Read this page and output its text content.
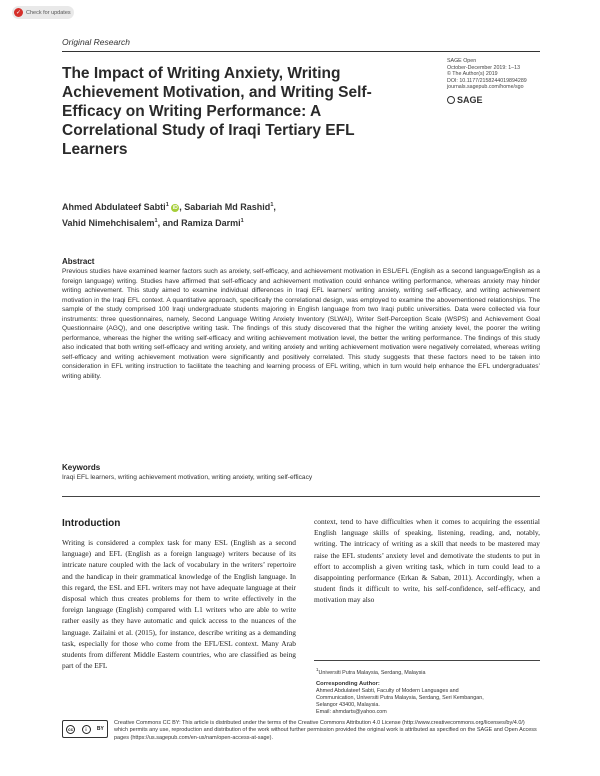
✓ Check for updates
Original Research
The Impact of Writing Anxiety, Writing Achievement Motivation, and Writing Self-Efficacy on Writing Performance: A Correlational Study of Iraqi Tertiary EFL Learners
SAGE Open
October-December 2019: 1–13
© The Author(s) 2019
DOI: 10.1177/2158244019894289
journals.sagepub.com/home/sgo
SAGE
Ahmed Abdulateef Sabti$^1$ iD , Sabariah Md Rashid$^1$,
Vahid Nimehchisalem$^1$, and Ramiza Darmi$^1$
Abstract

Previous studies have examined learner factors such as anxiety, self-efficacy, and achievement motivation in ESL/EFL (English as a second language/English as a foreign language) writing. Studies have affirmed that self-efficacy and achievement motivation could enhance writing performance, whereas anxiety may hinder writing achievement. This study aimed to examine individual differences in Iraqi EFL learners’ writing anxiety, writing self-efficacy, and writing achievement motivation in the Iraqi EFL context. A quantitative approach, specifically the correlational design, was employed to examine the abovementioned relationships. The sample of the study comprised 100 Iraqi undergraduate students majoring in English language from two Iraqi public universities. Data were collected via four instruments: three questionnaires, namely, Second Language Writing Anxiety Inventory (SLWAI), Writer Self-Perception Scale (WSPS) and Achievement Goal Questionnaire (AGQ), and one descriptive writing task. The findings of this study discovered that the higher the writing anxiety level, the poorer the writing performance, whereas the higher the writing self-efficacy and writing achievement motivation level, the better the writing performance. The findings of this study also indicated that both writing self-efficacy and writing anxiety, and writing anxiety and writing achievement motivation were negatively correlated, whereas writing self-efficacy and writing achievement motivation were significantly and positively correlated. This study suggests that these factors need to be taken into consideration in EFL writing instruction to facilitate the teaching and learning process of EFL writing, which in turn would help enhance the EFL undergraduates’ writing ability.

Keywords

Iraqi EFL learners, writing achievement motivation, writing anxiety, writing self-efficacy

Introduction

Writing is considered a complex task for many ESL (English as a second language) and EFL (English as a foreign language) writers because of its intricate nature coupled with the lack of vocabulary in the writers’ repertoire and the handicap in their grammatical knowledge of the English language. In this regard, the ESL and EFL writers may not have adequate language at their disposal which thus creates problems for them to write effectively in the foreign language (English) compared with L1 writers who are able to write rather easily as they have automatic and quick access to the nuances of the language. Zailaini et al. (2015), for instance, describe writing as a demanding task, especially for those who come from the EFL/ESL context. Many Arab students from different Middle Eastern countries, who are classified as being part of the EFL

context, tend to have difficulties when it comes to acquiring the essential English language skills of speaking, listening, reading, and, notably, writing. The intricacy of writing as a skill that needs to be mastered may raise the EFL students’ anxiety level and demotivate the students to put in effort to accomplish a given writing task, which in turn could lead to a disappointing performance (Erkan & Saban, 2011). Accordingly, when a student finds it difficult to write, his self-confidence, self-efficacy, and motivation may also

$^1$Universiti Putra Malaysia, Serdang, Malaysia
Corresponding Author:
Ahmed Abdulateef Sabti, Faculty of Modern Languages and
Communication, Universiti Putra Malaysia, Serdang, Seri Kembangan,
Selangor 43400, Malaysia.
Email: ahmdarts@yahoo.com
cc	i	BY
Creative Commons CC BY: This article is distributed under the terms of the Creative Commons Attribution 4.0 License (http://www.creativecommons.org/licenses/by/4.0/) which permits any use, reproduction and distribution of the work without further permission provided the original work is attributed as specified on the SAGE and Open Access pages (https://us.sagepub.com/en-us/nam/open-access-at-sage).
